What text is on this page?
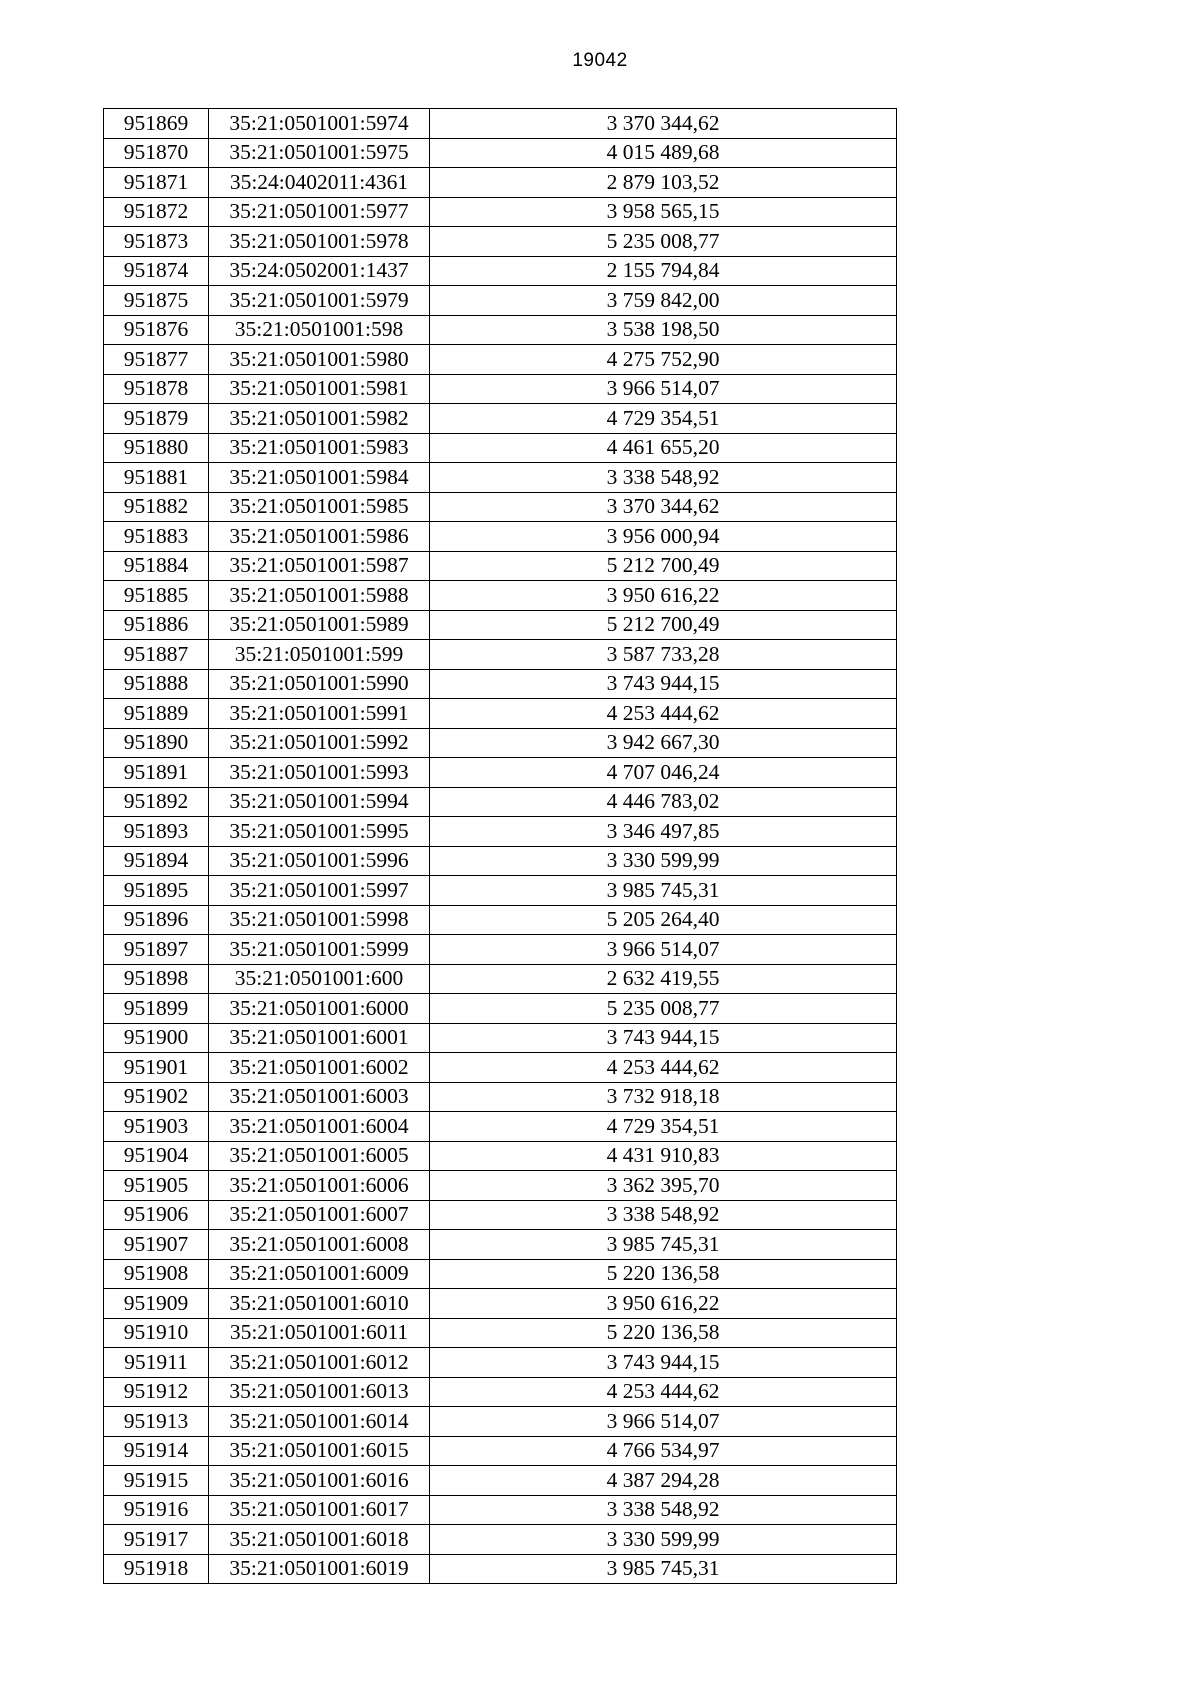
19042
951869	35:21:0501001:5974	3 370 344,62
951870	35:21:0501001:5975	4 015 489,68
951871	35:24:0402011:4361	2 879 103,52
951872	35:21:0501001:5977	3 958 565,15
951873	35:21:0501001:5978	5 235 008,77
951874	35:24:0502001:1437	2 155 794,84
951875	35:21:0501001:5979	3 759 842,00
951876	35:21:0501001:598	3 538 198,50
951877	35:21:0501001:5980	4 275 752,90
951878	35:21:0501001:5981	3 966 514,07
951879	35:21:0501001:5982	4 729 354,51
951880	35:21:0501001:5983	4 461 655,20
951881	35:21:0501001:5984	3 338 548,92
951882	35:21:0501001:5985	3 370 344,62
951883	35:21:0501001:5986	3 956 000,94
951884	35:21:0501001:5987	5 212 700,49
951885	35:21:0501001:5988	3 950 616,22
951886	35:21:0501001:5989	5 212 700,49
951887	35:21:0501001:599	3 587 733,28
951888	35:21:0501001:5990	3 743 944,15
951889	35:21:0501001:5991	4 253 444,62
951890	35:21:0501001:5992	3 942 667,30
951891	35:21:0501001:5993	4 707 046,24
951892	35:21:0501001:5994	4 446 783,02
951893	35:21:0501001:5995	3 346 497,85
951894	35:21:0501001:5996	3 330 599,99
951895	35:21:0501001:5997	3 985 745,31
951896	35:21:0501001:5998	5 205 264,40
951897	35:21:0501001:5999	3 966 514,07
951898	35:21:0501001:600	2 632 419,55
951899	35:21:0501001:6000	5 235 008,77
951900	35:21:0501001:6001	3 743 944,15
951901	35:21:0501001:6002	4 253 444,62
951902	35:21:0501001:6003	3 732 918,18
951903	35:21:0501001:6004	4 729 354,51
951904	35:21:0501001:6005	4 431 910,83
951905	35:21:0501001:6006	3 362 395,70
951906	35:21:0501001:6007	3 338 548,92
951907	35:21:0501001:6008	3 985 745,31
951908	35:21:0501001:6009	5 220 136,58
951909	35:21:0501001:6010	3 950 616,22
951910	35:21:0501001:6011	5 220 136,58
951911	35:21:0501001:6012	3 743 944,15
951912	35:21:0501001:6013	4 253 444,62
951913	35:21:0501001:6014	3 966 514,07
951914	35:21:0501001:6015	4 766 534,97
951915	35:21:0501001:6016	4 387 294,28
951916	35:21:0501001:6017	3 338 548,92
951917	35:21:0501001:6018	3 330 599,99
951918	35:21:0501001:6019	3 985 745,31
